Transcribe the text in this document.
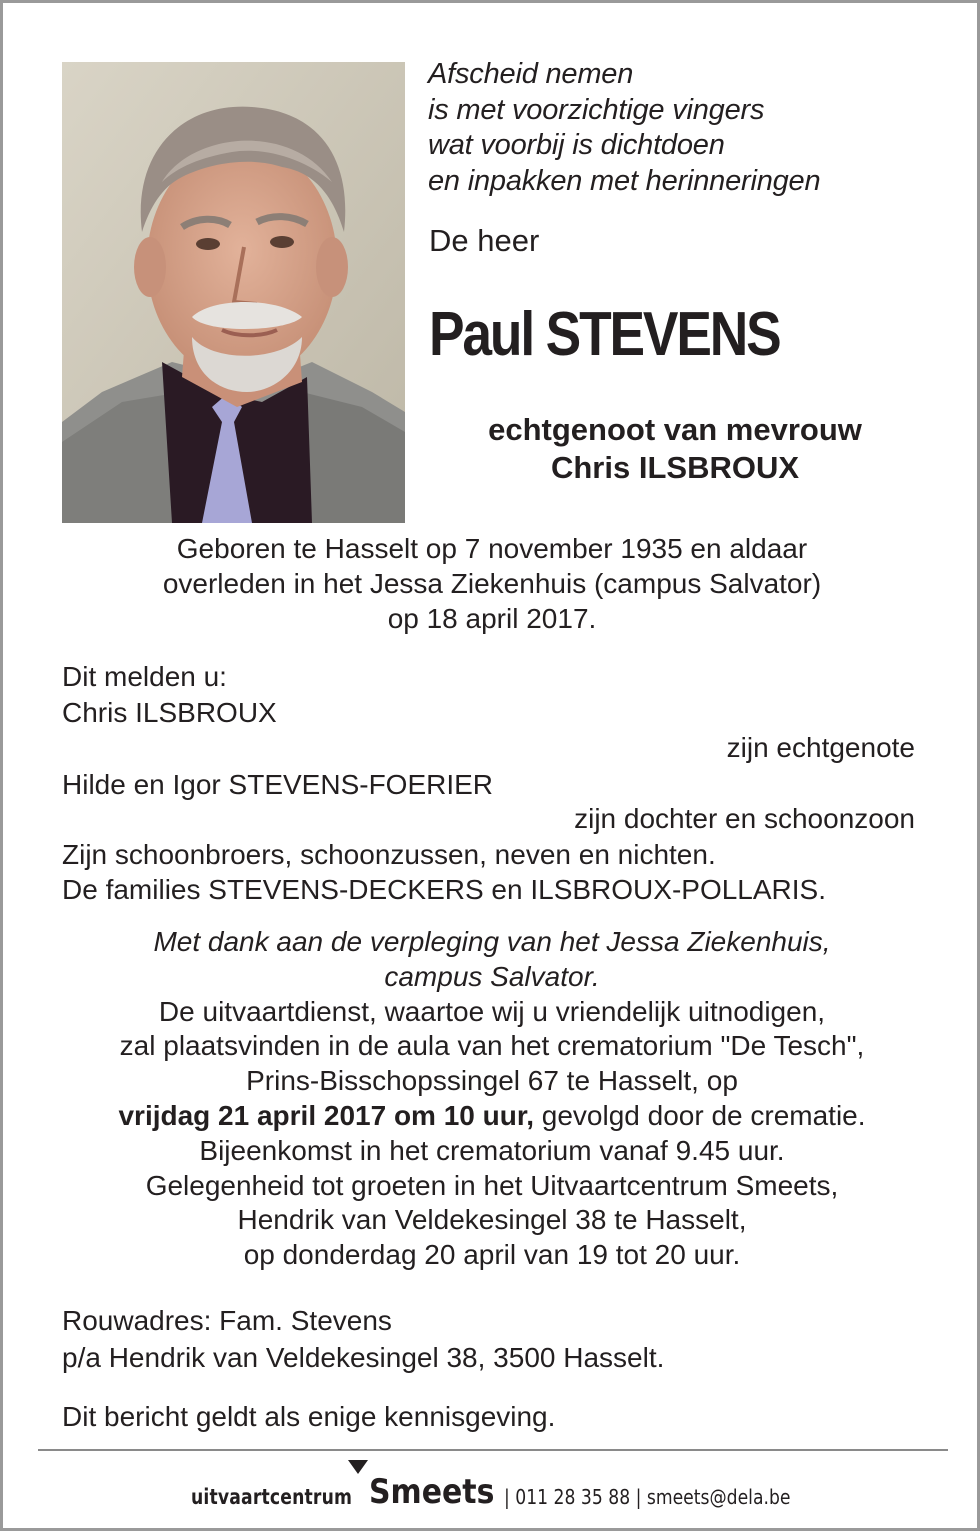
Afscheid nemen
is met voorzichtige vingers
wat voorbij is dichtdoen
en inpakken met herinneringen
De heer
Paul STEVENS
echtgenoot van mevrouw
Chris ILSBROUX
Geboren te Hasselt op 7 november 1935 en aldaar
overleden in het Jessa Ziekenhuis (campus Salvator)
op 18 april 2017.
Dit melden u:
Chris ILSBROUX
zijn echtgenote
Hilde en Igor STEVENS-FOERIER
zijn dochter en schoonzoon
Zijn schoonbroers, schoonzussen, neven en nichten.
De families STEVENS-DECKERS en ILSBROUX-POLLARIS.
Met dank aan de verpleging van het Jessa Ziekenhuis,
campus Salvator.
De uitvaartdienst, waartoe wij u vriendelijk uitnodigen,
zal plaatsvinden in de aula van het crematorium "De Tesch",
Prins-Bisschopssingel 67 te Hasselt, op
vrijdag 21 april 2017 om 10 uur, gevolgd door de crematie.
Bijeenkomst in het crematorium vanaf 9.45 uur.
Gelegenheid tot groeten in het Uitvaartcentrum Smeets,
Hendrik van Veldekesingel 38 te Hasselt,
op donderdag 20 april van 19 tot 20 uur.
Rouwadres: Fam. Stevens
p/a Hendrik van Veldekesingel 38, 3500 Hasselt.
Dit bericht geldt als enige kennisgeving.
uitvaartcentrum Smeets | 011 28 35 88 | smeets@dela.be
